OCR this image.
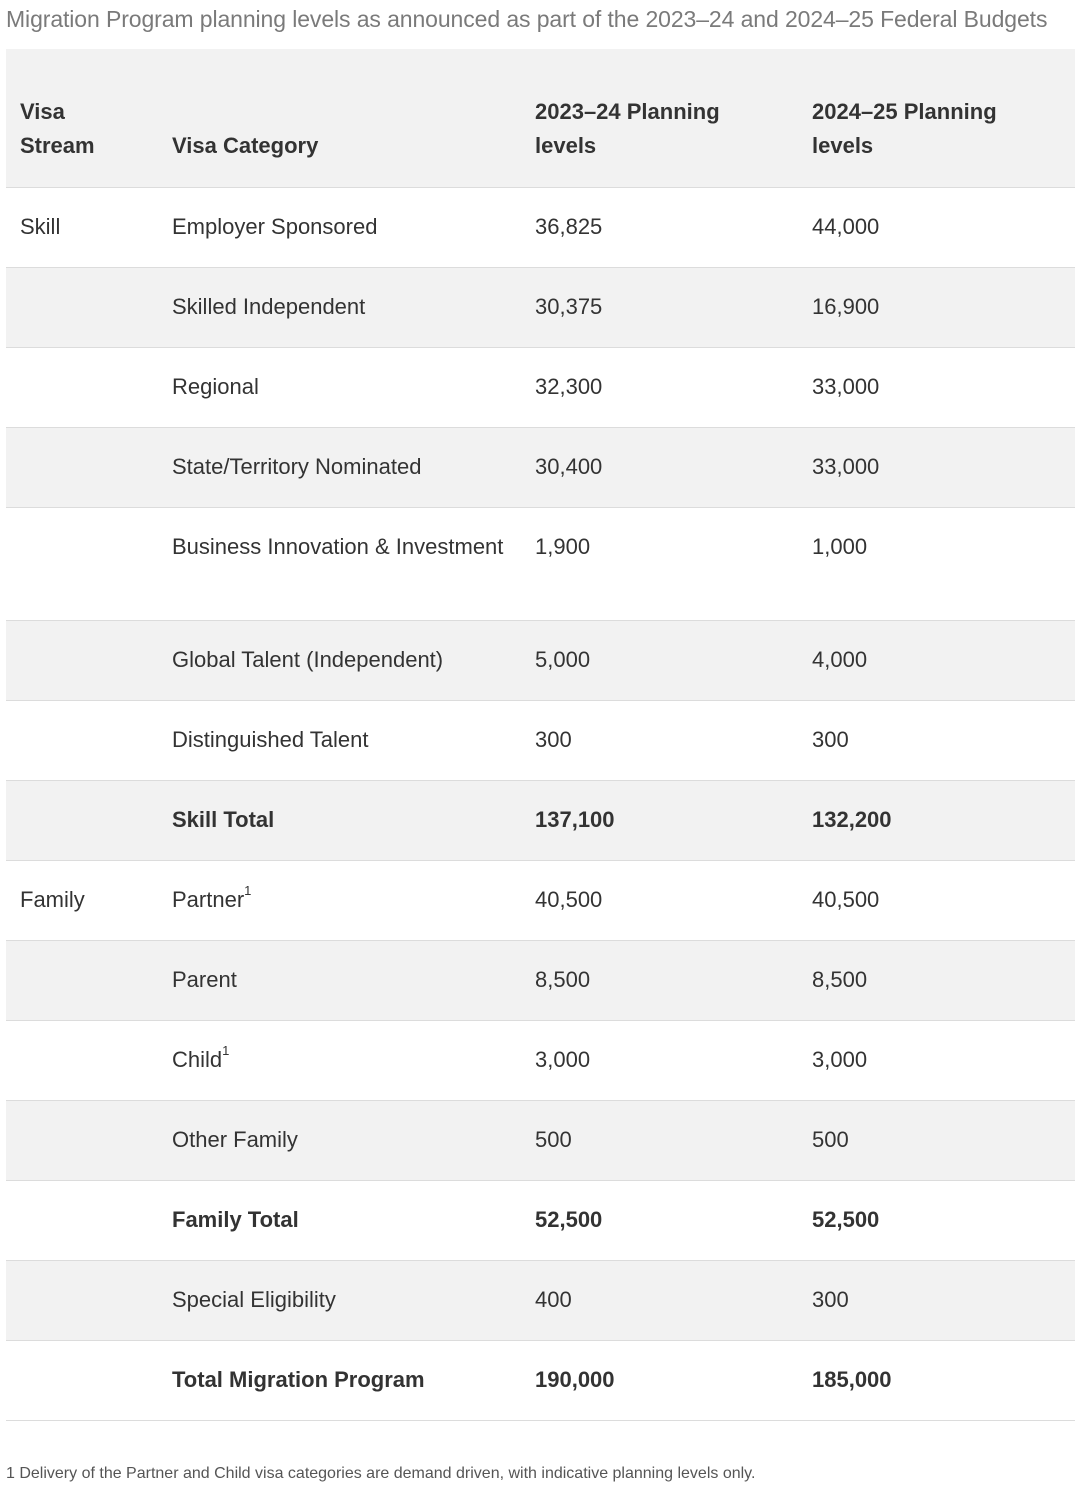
Migration Program planning levels as announced as part of the 2023–24 and 2024–25 Federal Budgets
Visa Stream	Visa Category	2023–24 Planning levels	2024–25 Planning levels
Skill	Employer Sponsored	36,825	44,000
	Skilled Independent	30,375	16,900
	Regional	32,300	33,000
	State/Territory Nominated	30,400	33,000
	Business Innovation & Investment	1,900	1,000
	Global Talent (Independent)	5,000	4,000
	Distinguished Talent	300	300
	Skill Total	137,100	132,200
Family	Partner$^1$	40,500	40,500
	Parent	8,500	8,500
	Child$^1$	3,000	3,000
	Other Family	500	500
	Family Total	52,500	52,500
	Special Eligibility	400	300
	Total Migration Program	190,000	185,000
1 Delivery of the Partner and Child visa categories are demand driven, with indicative planning levels only.
